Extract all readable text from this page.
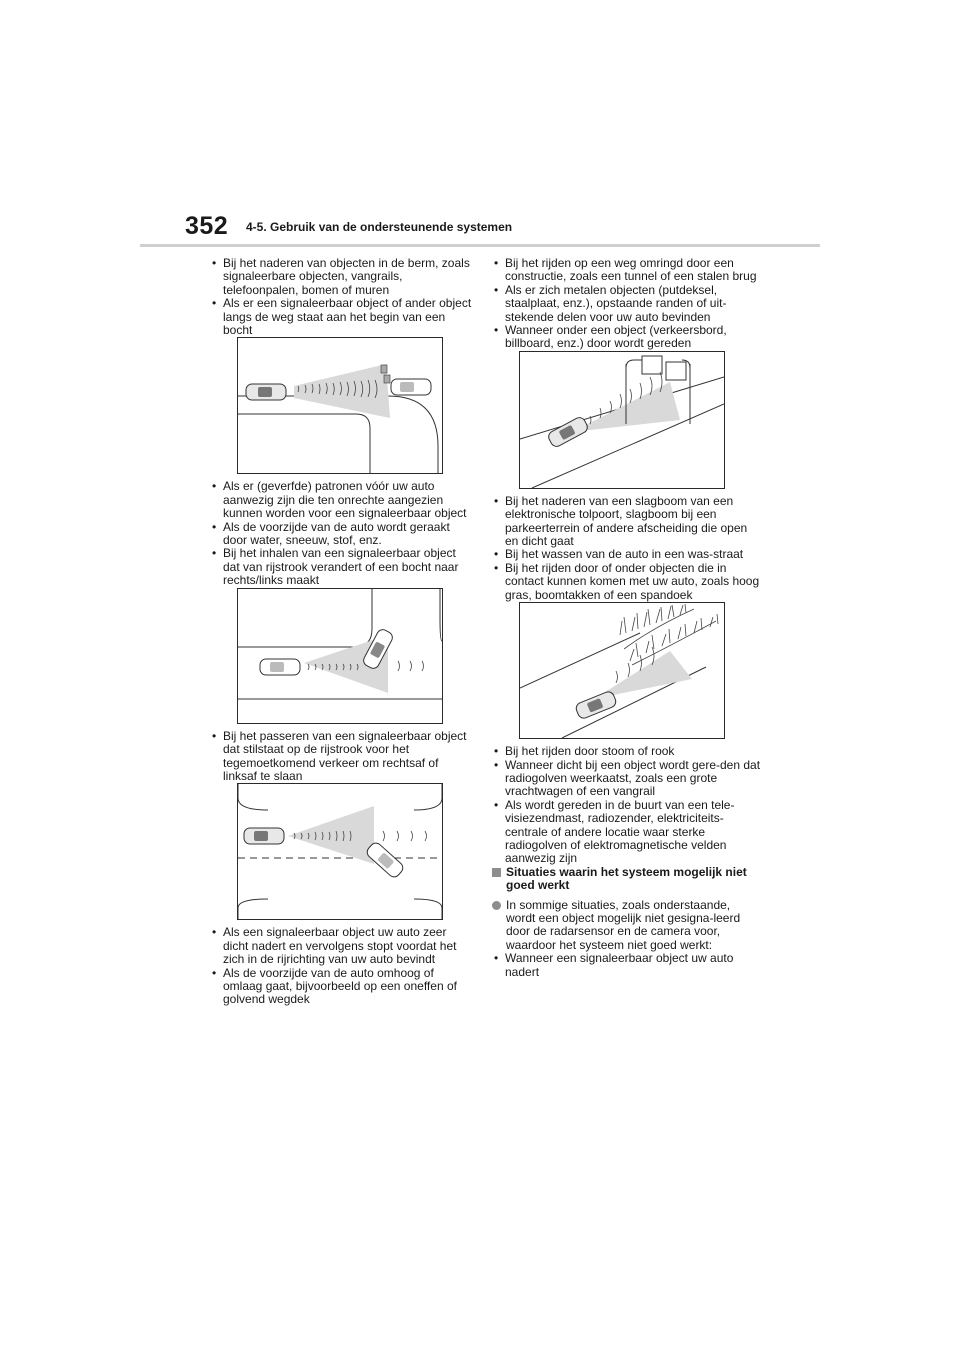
352 4-5. Gebruik van de ondersteunende systemen
• Bij het naderen van objecten in de berm, zoals signaleerbare objecten, vangrails, telefoonpalen, bomen of muren
• Als er een signaleerbaar object of ander object langs de weg staat aan het begin van een bocht
• Als er (geverfde) patronen vóór uw auto aanwezig zijn die ten onrechte aangezien kunnen worden voor een signaleerbaar object
• Als de voorzijde van de auto wordt geraakt door water, sneeuw, stof, enz.
• Bij het inhalen van een signaleerbaar object dat van rijstrook verandert of een bocht naar rechts/links maakt
• Bij het passeren van een signaleerbaar object dat stilstaat op de rijstrook voor het tegemoetkomend verkeer om rechtsaf of linksaf te slaan
• Als een signaleerbaar object uw auto zeer dicht nadert en vervolgens stopt voordat het zich in de rijrichting van uw auto bevindt
• Als de voorzijde van de auto omhoog of omlaag gaat, bijvoorbeeld op een oneffen of golvend wegdek
• Bij het rijden op een weg omringd door een constructie, zoals een tunnel of een stalen brug
• Als er zich metalen objecten (putdeksel, staalplaat, enz.), opstaande randen of uit-stekende delen voor uw auto bevinden
• Wanneer onder een object (verkeersbord, billboard, enz.) door wordt gereden
• Bij het naderen van een slagboom van een elektronische tolpoort, slagboom bij een parkeerterrein of andere afscheiding die open en dicht gaat
• Bij het wassen van de auto in een was-straat
• Bij het rijden door of onder objecten die in contact kunnen komen met uw auto, zoals hoog gras, boomtakken of een spandoek
• Bij het rijden door stoom of rook
• Wanneer dicht bij een object wordt gere-den dat radiogolven weerkaatst, zoals een grote vrachtwagen of een vangrail
• Als wordt gereden in de buurt van een tele-visiezendmast, radiozender, elektriciteits-centrale of andere locatie waar sterke radiogolven of elektromagnetische velden aanwezig zijn
Situaties waarin het systeem mogelijk niet goed werkt
In sommige situaties, zoals onderstaande, wordt een object mogelijk niet gesigna-leerd door de radarsensor en de camera voor, waardoor het systeem niet goed werkt:
• Wanneer een signaleerbaar object uw auto nadert
